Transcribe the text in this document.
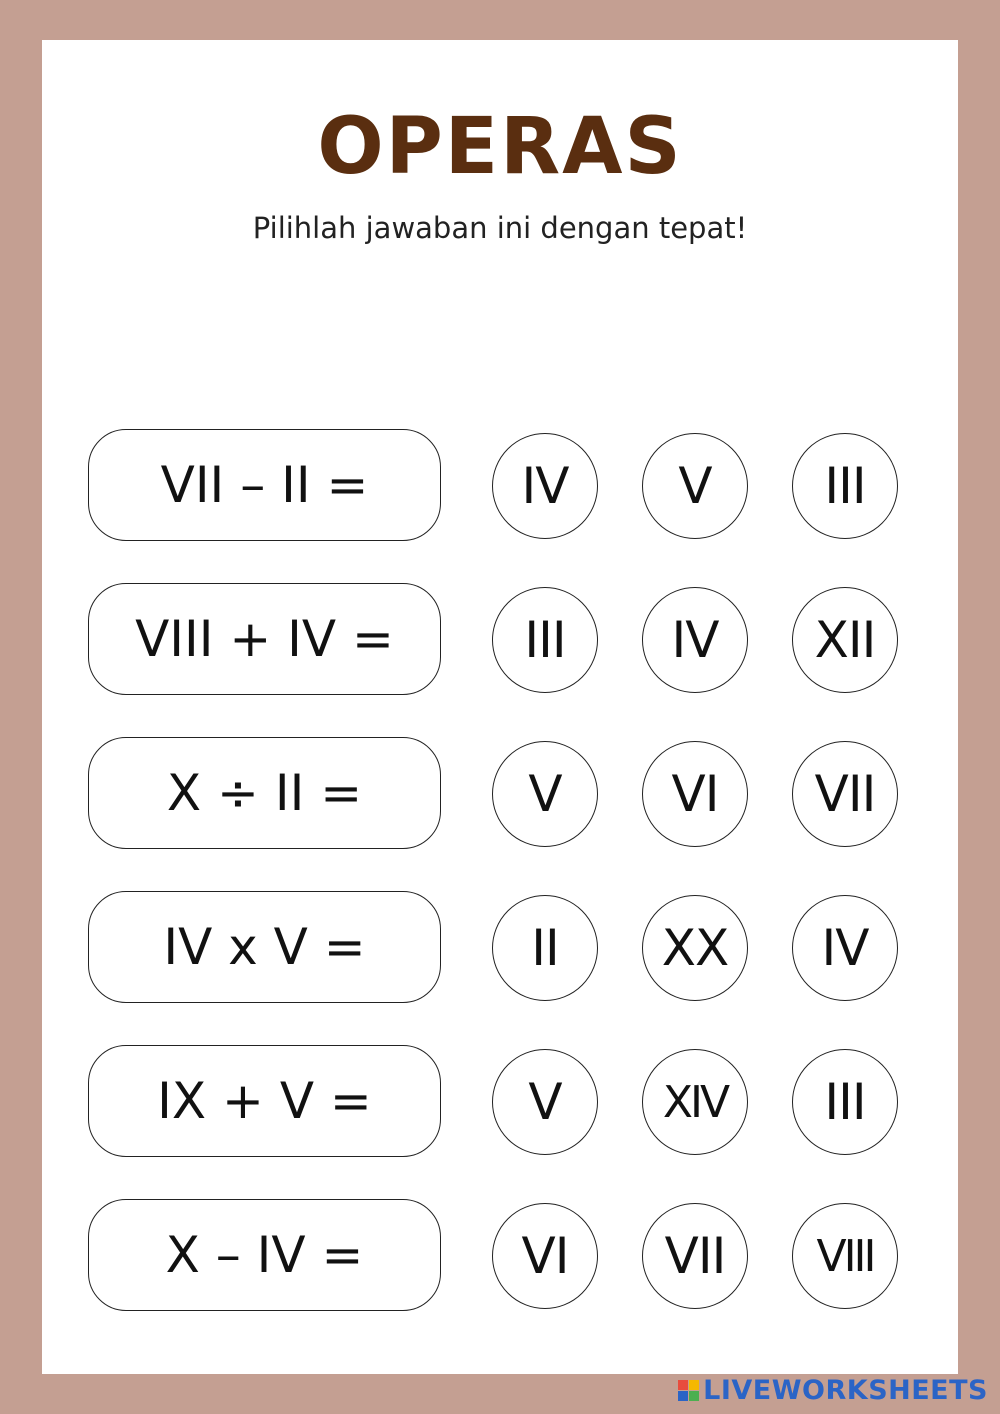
OPERAS
Pilihlah jawaban ini dengan tepat!
VII – II =	IV	V	III
VIII + IV =	III	IV	XII
X ÷ II =	V	VI	VII
IV x V =	II	XX	IV
IX + V =	V	XIV	III
X – IV =	VI	VII	VIII
LIVEWORKSHEETS
